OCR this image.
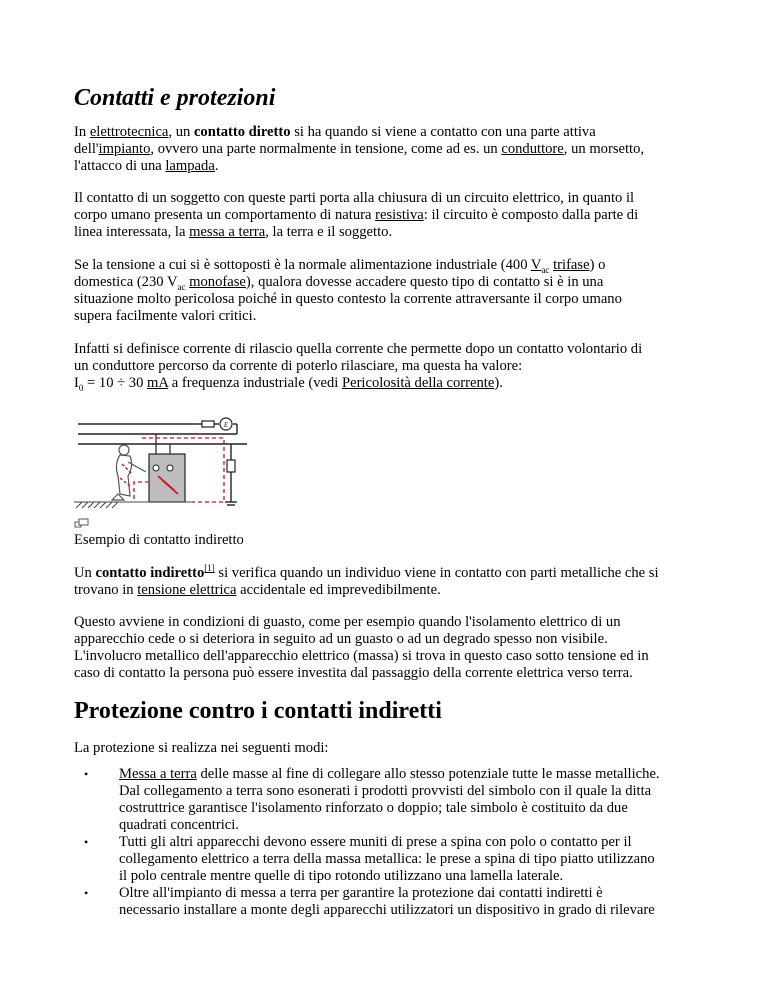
Contatti e protezioni

In elettrotecnica, un contatto diretto si ha quando si viene a contatto con una parte attiva
dell'impianto, ovvero una parte normalmente in tensione, come ad es. un conduttore, un morsetto,
l'attacco di una lampada.

Il contatto di un soggetto con queste parti porta alla chiusura di un circuito elettrico, in quanto il
corpo umano presenta un comportamento di natura resistiva: il circuito è composto dalla parte di
linea interessata, la messa a terra, la terra e il soggetto.

Se la tensione a cui si è sottoposti è la normale alimentazione industriale (400 $V_{ac}$ trifase) o
domestica (230 $V_{ac}$ monofase), qualora dovesse accadere questo tipo di contatto si è in una
situazione molto pericolosa poiché in questo contesto la corrente attraversante il corpo umano
supera facilmente valori critici.

Infatti si definisce corrente di rilascio quella corrente che permette dopo un contatto volontario di
un conduttore percorso da corrente di poterlo rilasciare, ma questa ha valore:
$I_0 = 10 \div 30$ mA a frequenza industriale (vedi Pericolosità della corrente).

E

Esempio di contatto indiretto

Un contatto indiretto[1] si verifica quando un individuo viene in contatto con parti metalliche che si
trovano in tensione elettrica accidentale ed imprevedibilmente.

Questo avviene in condizioni di guasto, come per esempio quando l'isolamento elettrico di un
apparecchio cede o si deteriora in seguito ad un guasto o ad un degrado spesso non visibile.
L'involucro metallico dell'apparecchio elettrico (massa) si trova in questo caso sotto tensione ed in
caso di contatto la persona può essere investita dal passaggio della corrente elettrica verso terra.

Protezione contro i contatti indiretti

La protezione si realizza nei seguenti modi:

• Messa a terra delle masse al fine di collegare allo stesso potenziale tutte le masse metalliche.
Dal collegamento a terra sono esonerati i prodotti provvisti del simbolo con il quale la ditta
costruttrice garantisce l'isolamento rinforzato o doppio; tale simbolo è costituito da due
quadrati concentrici.
• Tutti gli altri apparecchi devono essere muniti di prese a spina con polo o contatto per il
collegamento elettrico a terra della massa metallica: le prese a spina di tipo piatto utilizzano
il polo centrale mentre quelle di tipo rotondo utilizzano una lamella laterale.
• Oltre all'impianto di messa a terra per garantire la protezione dai contatti indiretti è
necessario installare a monte degli apparecchi utilizzatori un dispositivo in grado di rilevare
